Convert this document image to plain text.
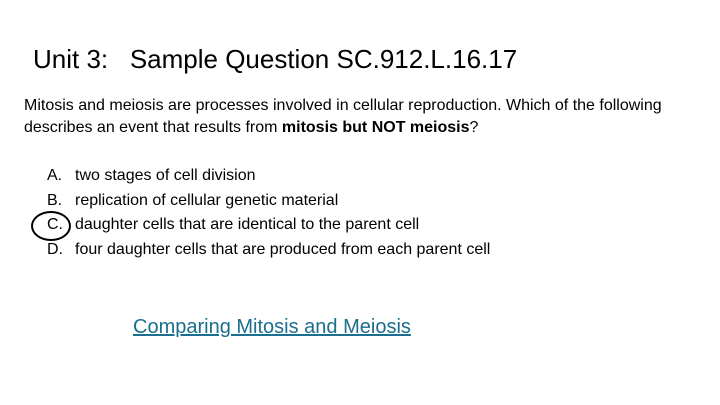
Unit 3:   Sample Question SC.912.L.16.17

Mitosis and meiosis are processes involved in cellular reproduction. Which of the following describes an event that results from mitosis but NOT meiosis?

A. two stages of cell division
B. replication of cellular genetic material
C. daughter cells that are identical to the parent cell
D. four daughter cells that are produced from each parent cell
Comparing Mitosis and Meiosis
